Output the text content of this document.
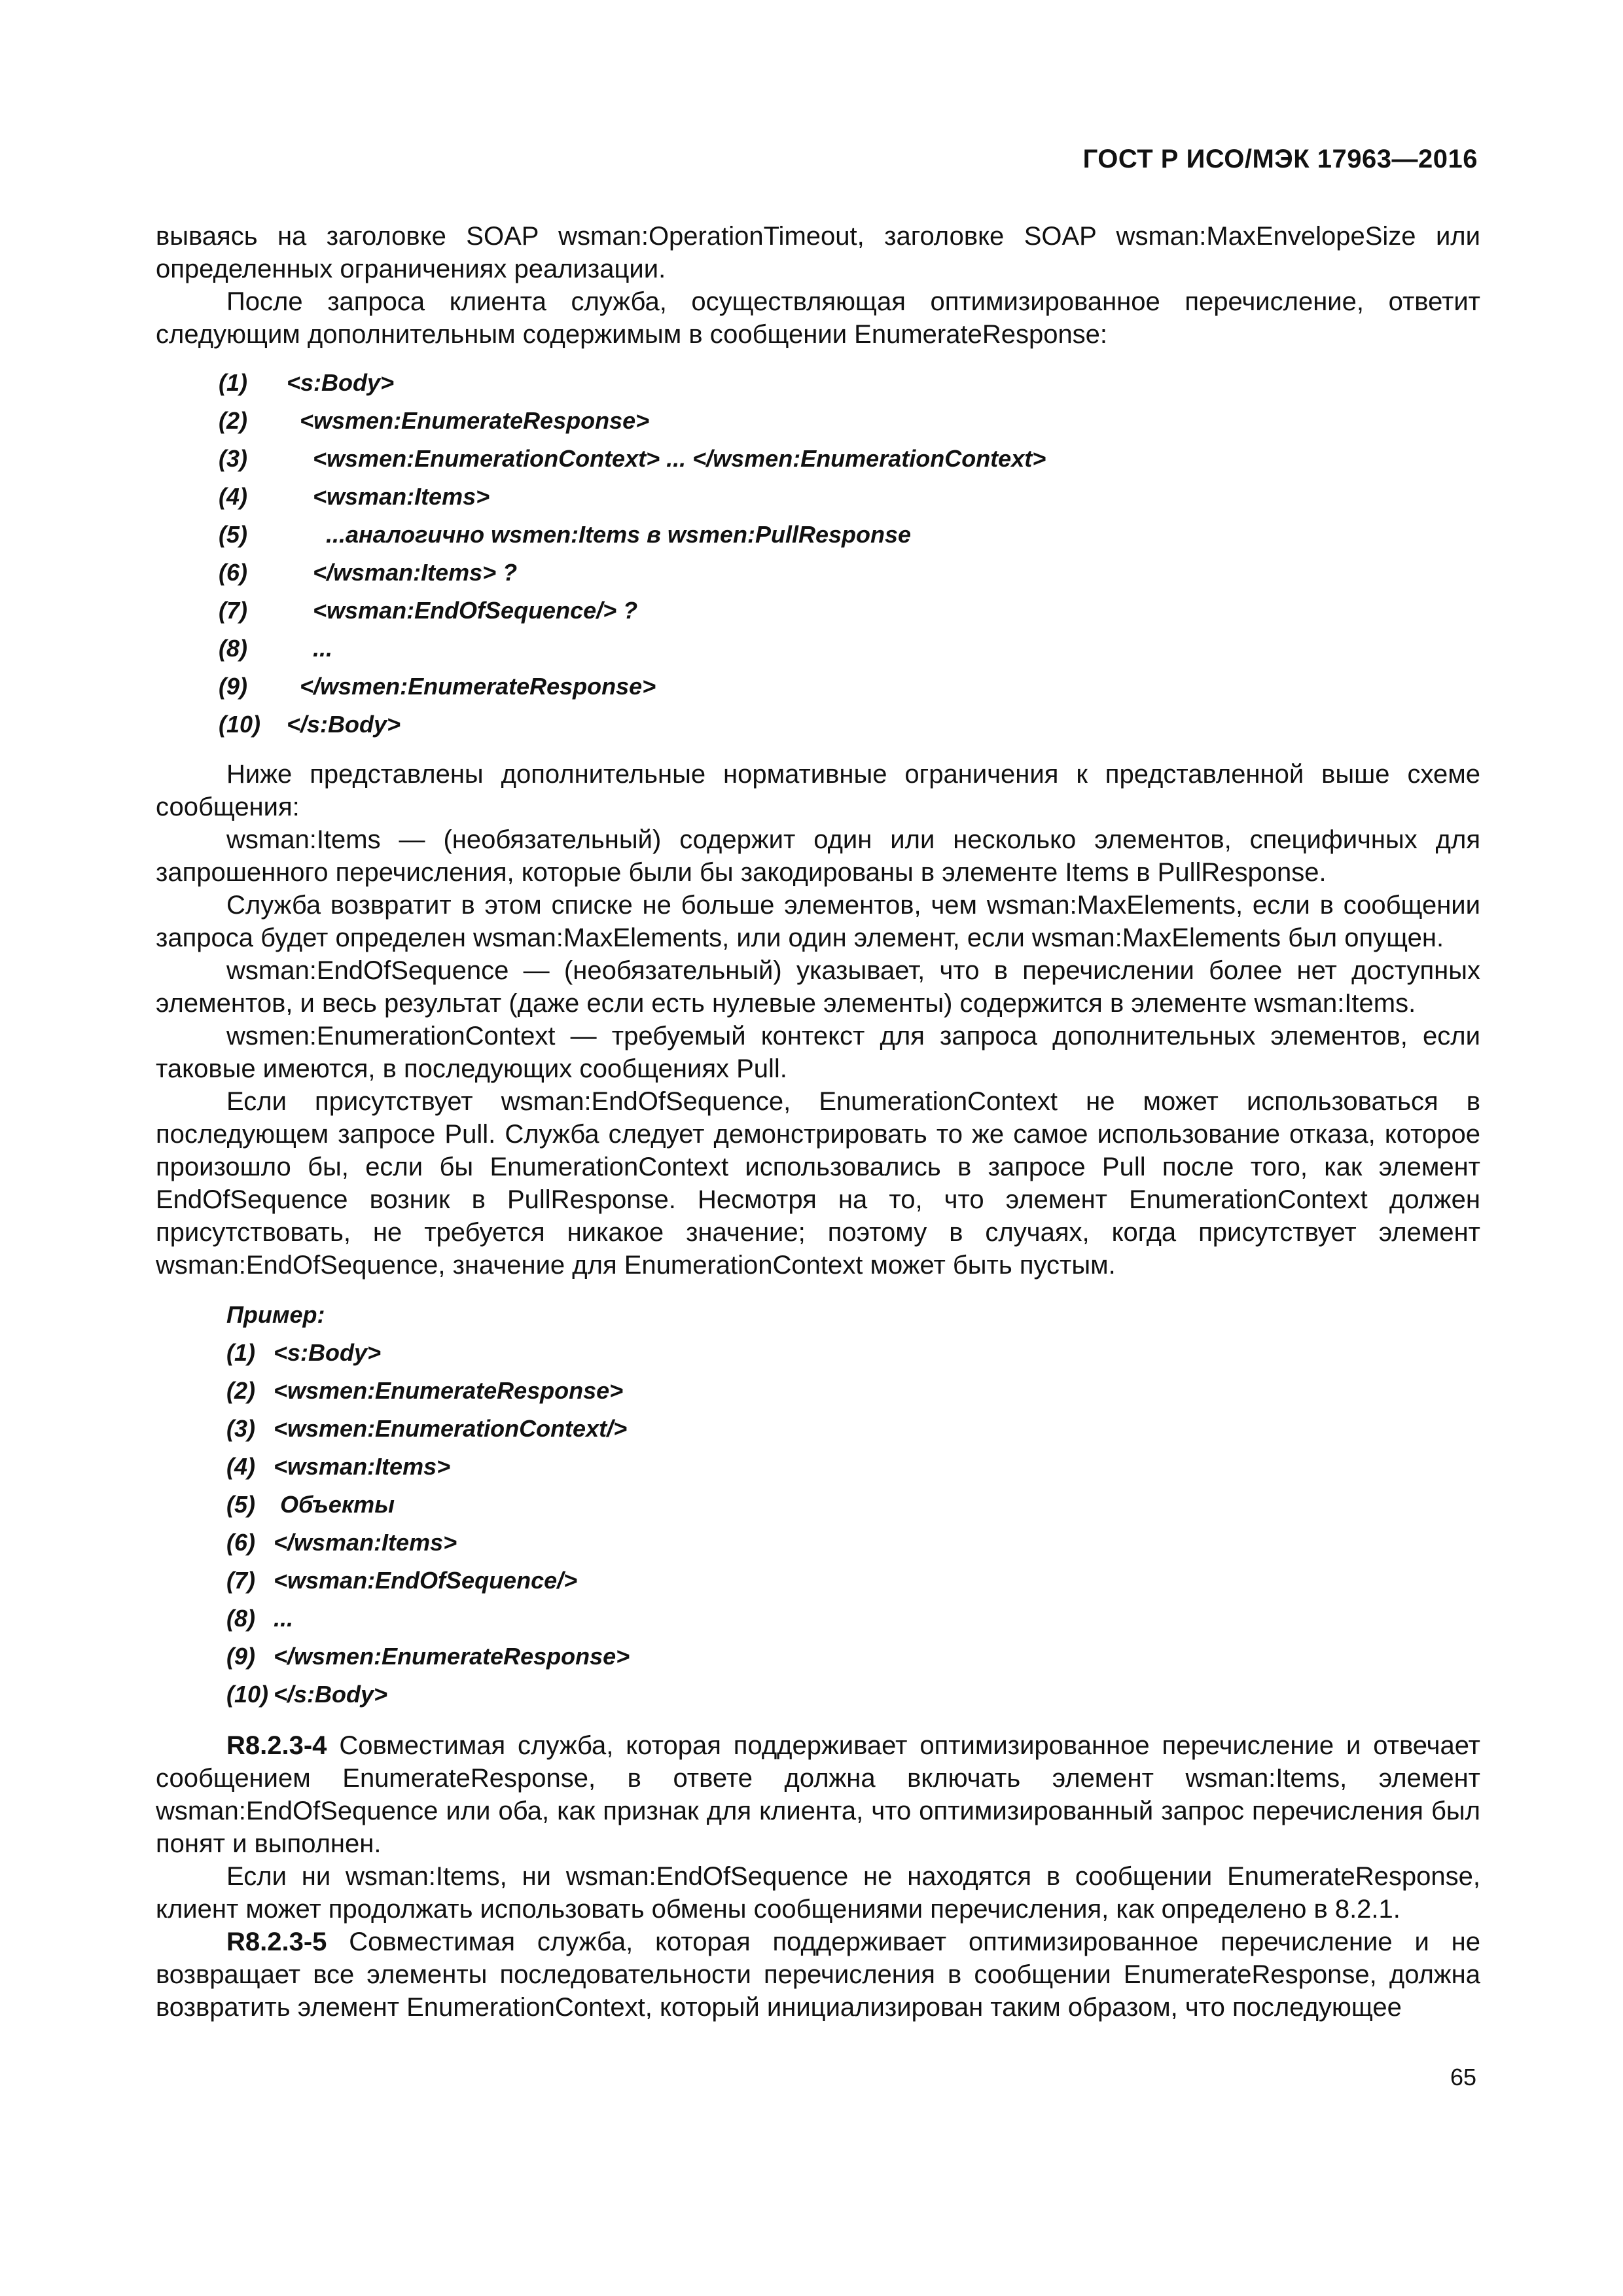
ГОСТ Р ИСО/МЭК 17963—2016

вываясь на заголовке SOAP wsman:OperationTimeout, заголовке SOAP wsman:MaxEnvelopeSize или определенных ограничениях реализации.

После запроса клиента служба, осуществляющая оптимизированное перечисление, ответит следующим дополнительным содержимым в сообщении EnumerateResponse:

(1)	<s:Body>
(2)	<wsmen:EnumerateResponse>
(3)	<wsmen:EnumerationContext> ... </wsmen:EnumerationContext>
(4)	<wsman:Items>
(5)	...аналогично wsmen:Items в wsmen:PullResponse
(6)	</wsman:Items> ?
(7)	<wsman:EndOfSequence/> ?
(8)	...
(9)	</wsmen:EnumerateResponse>
(10)	</s:Body>

Ниже представлены дополнительные нормативные ограничения к представленной выше схеме сообщения:

wsman:Items — (необязательный) содержит один или несколько элементов, специфичных для запрошенного перечисления, которые были бы закодированы в элементе Items в PullResponse.

Служба возвратит в этом списке не больше элементов, чем wsman:MaxElements, если в сообщении запроса будет определен wsman:MaxElements, или один элемент, если wsman:MaxElements был опущен.

wsman:EndOfSequence — (необязательный) указывает, что в перечислении более нет доступных элементов, и весь результат (даже если есть нулевые элементы) содержится в элементе wsman:Items.

wsmen:EnumerationContext — требуемый контекст для запроса дополнительных элементов, если таковые имеются, в последующих сообщениях Pull.

Если присутствует wsman:EndOfSequence, EnumerationContext не может использоваться в последующем запросе Pull. Служба следует демонстрировать то же самое использование отказа, которое произошло бы, если бы EnumerationContext использовались в запросе Pull после того, как элемент EndOfSequence возник в PullResponse. Несмотря на то, что элемент EnumerationContext должен присутствовать, не требуется никакое значение; поэтому в случаях, когда присутствует элемент wsman:EndOfSequence, значение для EnumerationContext может быть пустым.

Пример:
(1) <s:Body>
(2) <wsmen:EnumerateResponse>
(3) <wsmen:EnumerationContext/>
(4) <wsman:Items>
(5) Объекты
(6) </wsman:Items>
(7) <wsman:EndOfSequence/>
(8) ...
(9) </wsmen:EnumerateResponse>
(10) </s:Body>

R8.2.3-4 Совместимая служба, которая поддерживает оптимизированное перечисление и отвечает сообщением EnumerateResponse, в ответе должна включать элемент wsman:Items, элемент wsman:EndOfSequence или оба, как признак для клиента, что оптимизированный запрос перечисления был понят и выполнен.

Если ни wsman:Items, ни wsman:EndOfSequence не находятся в сообщении EnumerateResponse, клиент может продолжать использовать обмены сообщениями перечисления, как определено в 8.2.1.

R8.2.3-5 Совместимая служба, которая поддерживает оптимизированное перечисление и не возвращает все элементы последовательности перечисления в сообщении EnumerateResponse, должна возвратить элемент EnumerationContext, который инициализирован таким образом, что последующее

65
